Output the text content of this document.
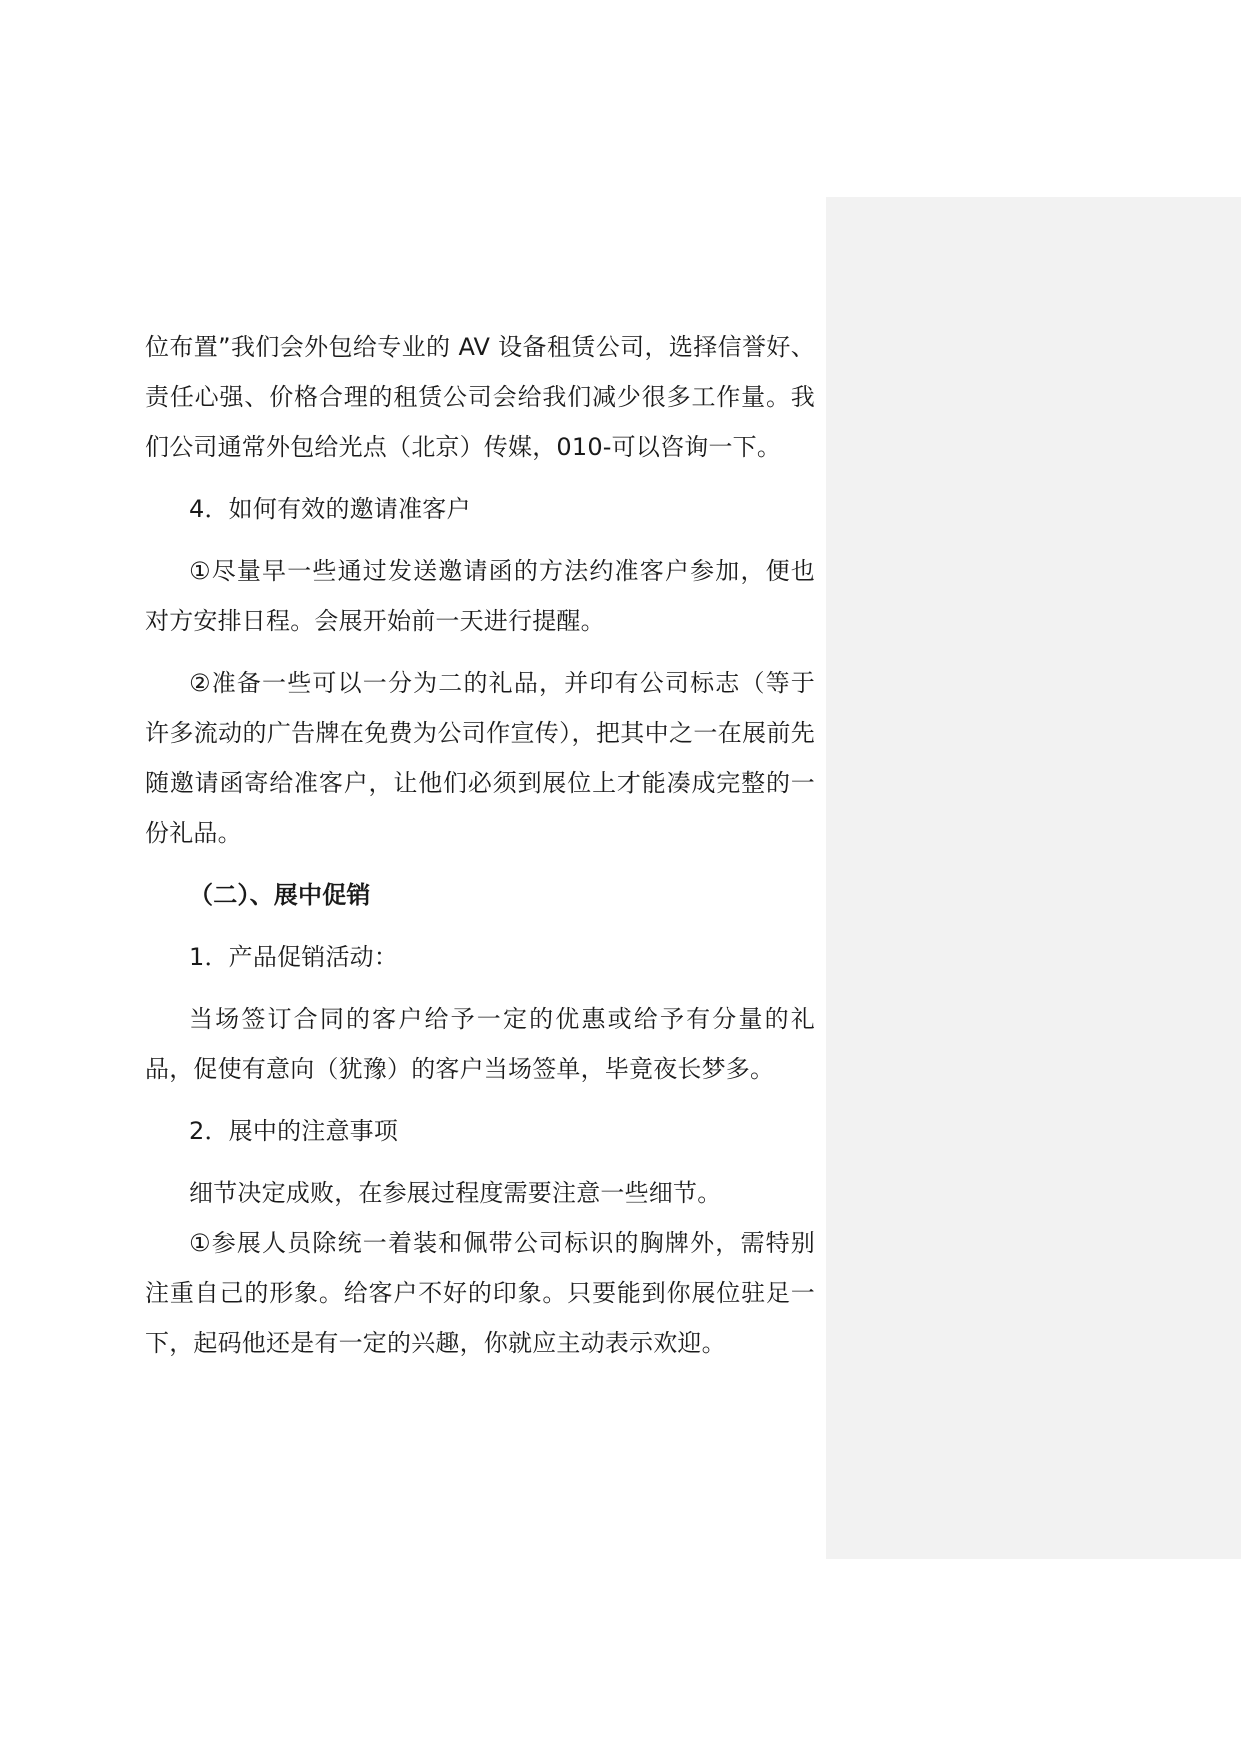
位布置”我们会外包给专业的 AV 设备租赁公司，选择信誉好、责任心强、价格合理的租赁公司会给我们减少很多工作量。我们公司通常外包给光点（北京）传媒，010-可以咨询一下。

4．如何有效的邀请准客户

①尽量早一些通过发送邀请函的方法约准客户参加，便也对方安排日程。会展开始前一天进行提醒。

②准备一些可以一分为二的礼品，并印有公司标志（等于许多流动的广告牌在免费为公司作宣传），把其中之一在展前先随邀请函寄给准客户，让他们必须到展位上才能凑成完整的一份礼品。

（二）、展中促销

1．产品促销活动：

当场签订合同的客户给予一定的优惠或给予有分量的礼品，促使有意向（犹豫）的客户当场签单，毕竟夜长梦多。

2．展中的注意事项

细节决定成败，在参展过程度需要注意一些细节。

①参展人员除统一着装和佩带公司标识的胸牌外，需特别注重自己的形象。给客户不好的印象。只要能到你展位驻足一下，起码他还是有一定的兴趣，你就应主动表示欢迎。
